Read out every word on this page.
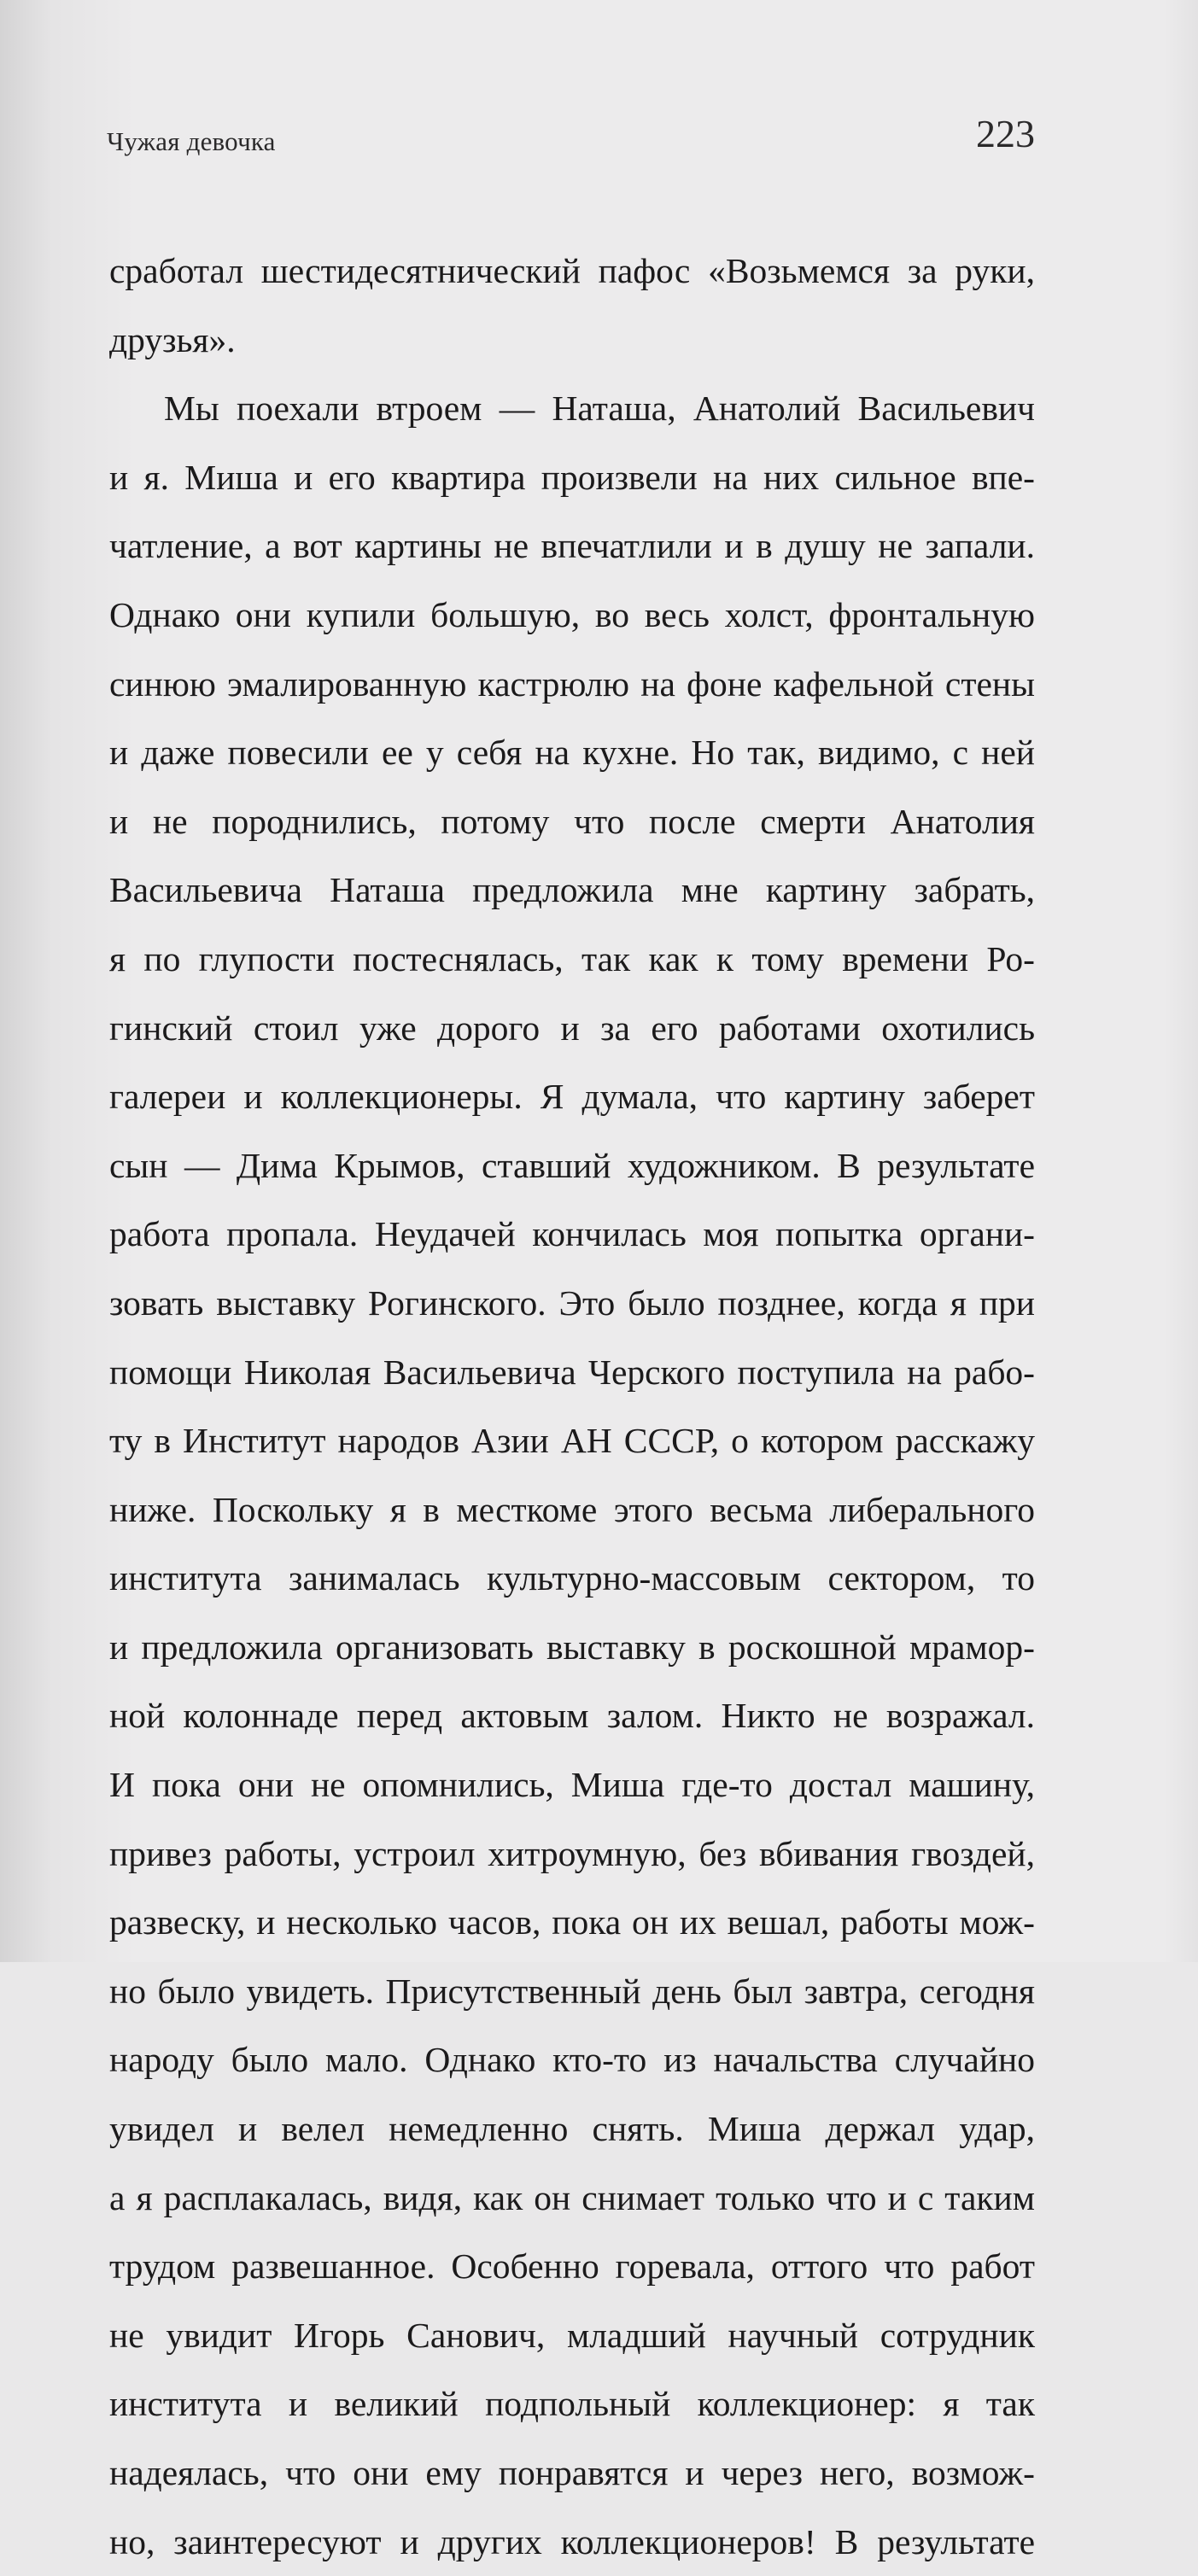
Чужая девочка	223
сработал шестидесятнический пафос «Возьмемся за руки,
друзья».
Мы поехали втроем — Наташа, Анатолий Васильевич
и я. Миша и его квартира произвели на них сильное впе-
чатление, а вот картины не впечатлили и в душу не запали.
Однако они купили большую, во весь холст, фронтальную
синюю эмалированную кастрюлю на фоне кафельной стены
и даже повесили ее у себя на кухне. Но так, видимо, с ней
и не породнились, потому что после смерти Анатолия
Васильевича Наташа предложила мне картину забрать,
я по глупости постеснялась, так как к тому времени Ро-
гинский стоил уже дорого и за его работами охотились
галереи и коллекционеры. Я думала, что картину заберет
сын — Дима Крымов, ставший художником. В результате
работа пропала. Неудачей кончилась моя попытка органи-
зовать выставку Рогинского. Это было позднее, когда я при
помощи Николая Васильевича Черского поступила на рабо-
ту в Институт народов Азии АН СССР, о котором расскажу
ниже. Поскольку я в месткоме этого весьма либерального
института занималась культурно-массовым сектором, то
и предложила организовать выставку в роскошной мрамор-
ной колоннаде перед актовым залом. Никто не возражал.
И пока они не опомнились, Миша где-то достал машину,
привез работы, устроил хитроумную, без вбивания гвоздей,
развеску, и несколько часов, пока он их вешал, работы мож-
но было увидеть. Присутственный день был завтра, сегодня
народу было мало. Однако кто-то из начальства случайно
увидел и велел немедленно снять. Миша держал удар,
а я расплакалась, видя, как он снимает только что и с таким
трудом развешанное. Особенно горевала, оттого что работ
не увидит Игорь Санович, младший научный сотрудник
института и великий подпольный коллекционер: я так
надеялась, что они ему понравятся и через него, возмож-
но, заинтересуют и других коллекционеров! В результате
